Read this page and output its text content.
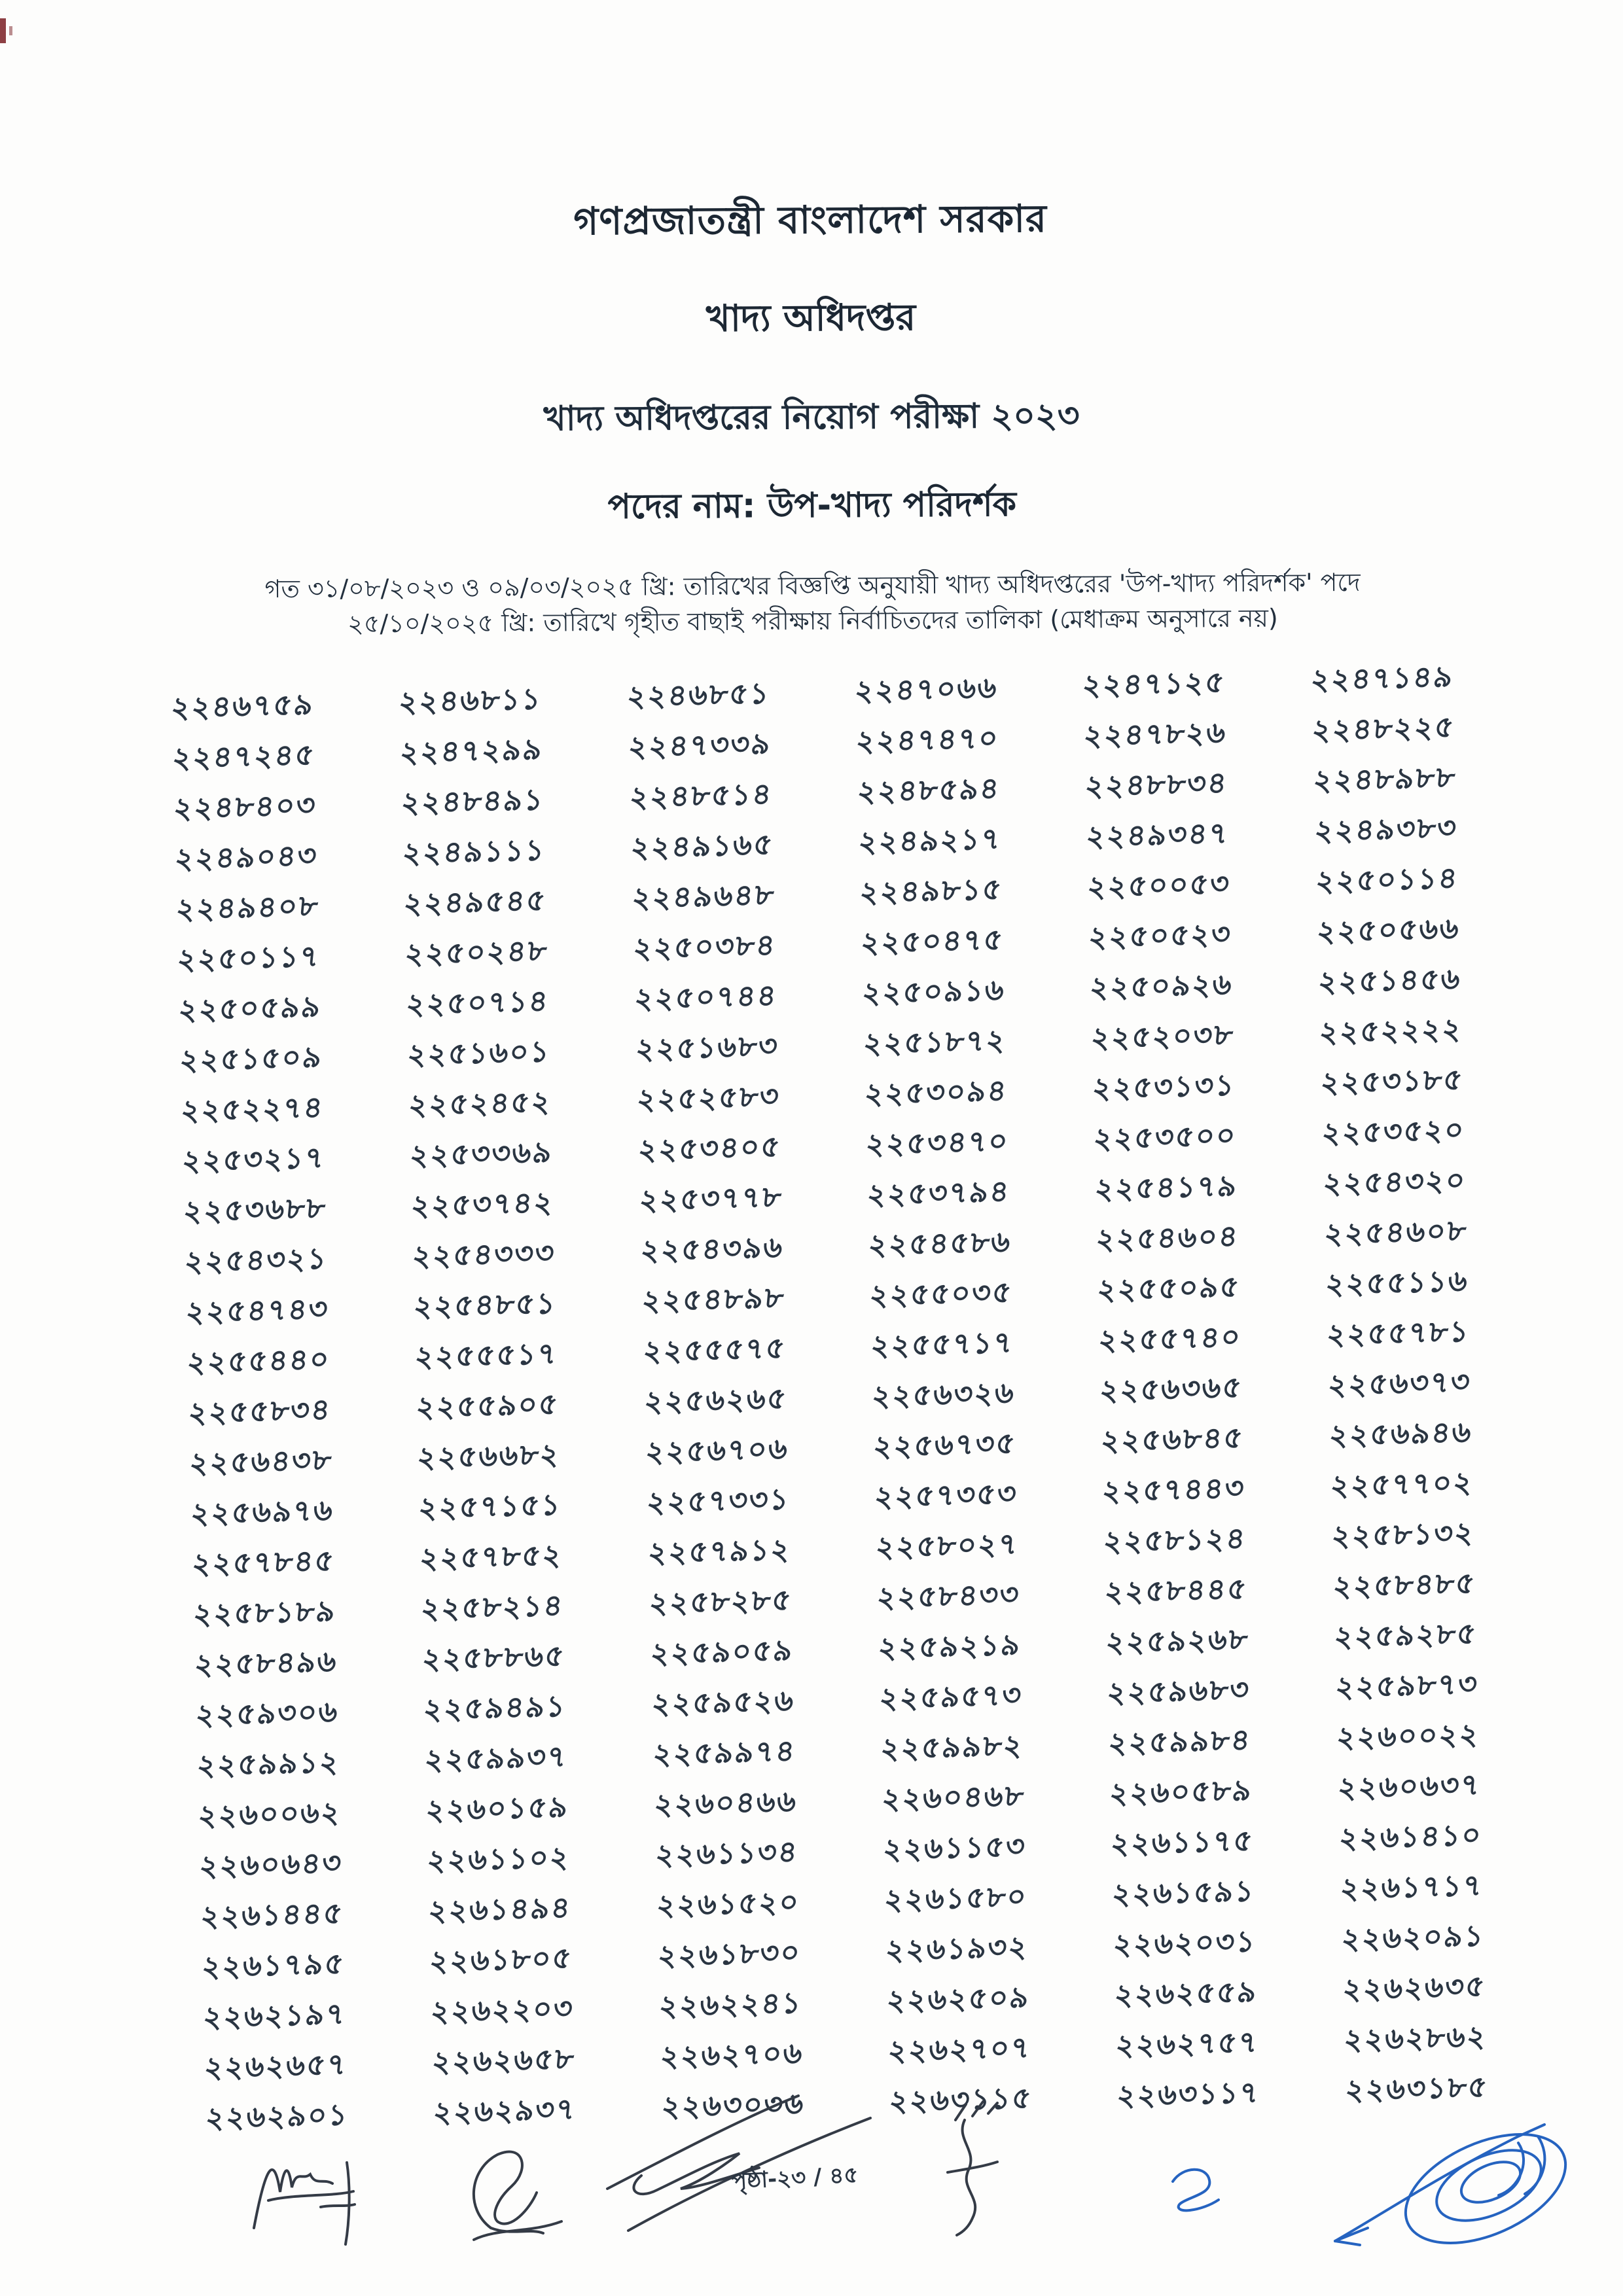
গণপ্রজাতন্ত্রী বাংলাদেশ সরকার
খাদ্য অধিদপ্তর
খাদ্য অধিদপ্তরের নিয়োগ পরীক্ষা ২০২৩
পদের নাম: উপ-খাদ্য পরিদর্শক
গত ৩১/০৮/২০২৩ ও ০৯/০৩/২০২৫ খ্রি: তারিখের বিজ্ঞপ্তি অনুযায়ী খাদ্য অধিদপ্তরের 'উপ-খাদ্য পরিদর্শক' পদে
২৫/১০/২০২৫ খ্রি: তারিখে গৃহীত বাছাই পরীক্ষায় নির্বাচিতদের তালিকা (মেধাক্রম অনুসারে নয়)
২২৪৬৭৫৯	২২৪৬৮১১	২২৪৬৮৫১	২২৪৭০৬৬	২২৪৭১২৫	২২৪৭১৪৯
২২৪৭২৪৫	২২৪৭২৯৯	২২৪৭৩৩৯	২২৪৭৪৭০	২২৪৭৮২৬	২২৪৮২২৫
২২৪৮৪০৩	২২৪৮৪৯১	২২৪৮৫১৪	২২৪৮৫৯৪	২২৪৮৮৩৪	২২৪৮৯৮৮
২২৪৯০৪৩	২২৪৯১১১	২২৪৯১৬৫	২২৪৯২১৭	২২৪৯৩৪৭	২২৪৯৩৮৩
২২৪৯৪০৮	২২৪৯৫৪৫	২২৪৯৬৪৮	২২৪৯৮১৫	২২৫০০৫৩	২২৫০১১৪
২২৫০১১৭	২২৫০২৪৮	২২৫০৩৮৪	২২৫০৪৭৫	২২৫০৫২৩	২২৫০৫৬৬
২২৫০৫৯৯	২২৫০৭১৪	২২৫০৭৪৪	২২৫০৯১৬	২২৫০৯২৬	২২৫১৪৫৬
২২৫১৫০৯	২২৫১৬০১	২২৫১৬৮৩	২২৫১৮৭২	২২৫২০৩৮	২২৫২২২২
২২৫২২৭৪	২২৫২৪৫২	২২৫২৫৮৩	২২৫৩০৯৪	২২৫৩১৩১	২২৫৩১৮৫
২২৫৩২১৭	২২৫৩৩৬৯	২২৫৩৪০৫	২২৫৩৪৭০	২২৫৩৫০০	২২৫৩৫২০
২২৫৩৬৮৮	২২৫৩৭৪২	২২৫৩৭৭৮	২২৫৩৭৯৪	২২৫৪১৭৯	২২৫৪৩২০
২২৫৪৩২১	২২৫৪৩৩৩	২২৫৪৩৯৬	২২৫৪৫৮৬	২২৫৪৬০৪	২২৫৪৬০৮
২২৫৪৭৪৩	২২৫৪৮৫১	২২৫৪৮৯৮	২২৫৫০৩৫	২২৫৫০৯৫	২২৫৫১১৬
২২৫৫৪৪০	২২৫৫৫১৭	২২৫৫৫৭৫	২২৫৫৭১৭	২২৫৫৭৪০	২২৫৫৭৮১
২২৫৫৮৩৪	২২৫৫৯০৫	২২৫৬২৬৫	২২৫৬৩২৬	২২৫৬৩৬৫	২২৫৬৩৭৩
২২৫৬৪৩৮	২২৫৬৬৮২	২২৫৬৭০৬	২২৫৬৭৩৫	২২৫৬৮৪৫	২২৫৬৯৪৬
২২৫৬৯৭৬	২২৫৭১৫১	২২৫৭৩৩১	২২৫৭৩৫৩	২২৫৭৪৪৩	২২৫৭৭০২
২২৫৭৮৪৫	২২৫৭৮৫২	২২৫৭৯১২	২২৫৮০২৭	২২৫৮১২৪	২২৫৮১৩২
২২৫৮১৮৯	২২৫৮২১৪	২২৫৮২৮৫	২২৫৮৪৩৩	২২৫৮৪৪৫	২২৫৮৪৮৫
২২৫৮৪৯৬	২২৫৮৮৬৫	২২৫৯০৫৯	২২৫৯২১৯	২২৫৯২৬৮	২২৫৯২৮৫
২২৫৯৩০৬	২২৫৯৪৯১	২২৫৯৫২৬	২২৫৯৫৭৩	২২৫৯৬৮৩	২২৫৯৮৭৩
২২৫৯৯১২	২২৫৯৯৩৭	২২৫৯৯৭৪	২২৫৯৯৮২	২২৫৯৯৮৪	২২৬০০২২
২২৬০০৬২	২২৬০১৫৯	২২৬০৪৬৬	২২৬০৪৬৮	২২৬০৫৮৯	২২৬০৬৩৭
২২৬০৬৪৩	২২৬১১০২	২২৬১১৩৪	২২৬১১৫৩	২২৬১১৭৫	২২৬১৪১০
২২৬১৪৪৫	২২৬১৪৯৪	২২৬১৫২০	২২৬১৫৮০	২২৬১৫৯১	২২৬১৭১৭
২২৬১৭৯৫	২২৬১৮০৫	২২৬১৮৩০	২২৬১৯৩২	২২৬২০৩১	২২৬২০৯১
২২৬২১৯৭	২২৬২২০৩	২২৬২২৪১	২২৬২৫০৯	২২৬২৫৫৯	২২৬২৬৩৫
২২৬২৬৫৭	২২৬২৬৫৮	২২৬২৭০৬	২২৬২৭০৭	২২৬২৭৫৭	২২৬২৮৬২
২২৬২৯০১	২২৬২৯৩৭	২২৬৩০৩৬	২২৬৩১১৫	২২৬৩১১৭	২২৬৩১৮৫
পৃষ্ঠা-২৩ / ৪৫
